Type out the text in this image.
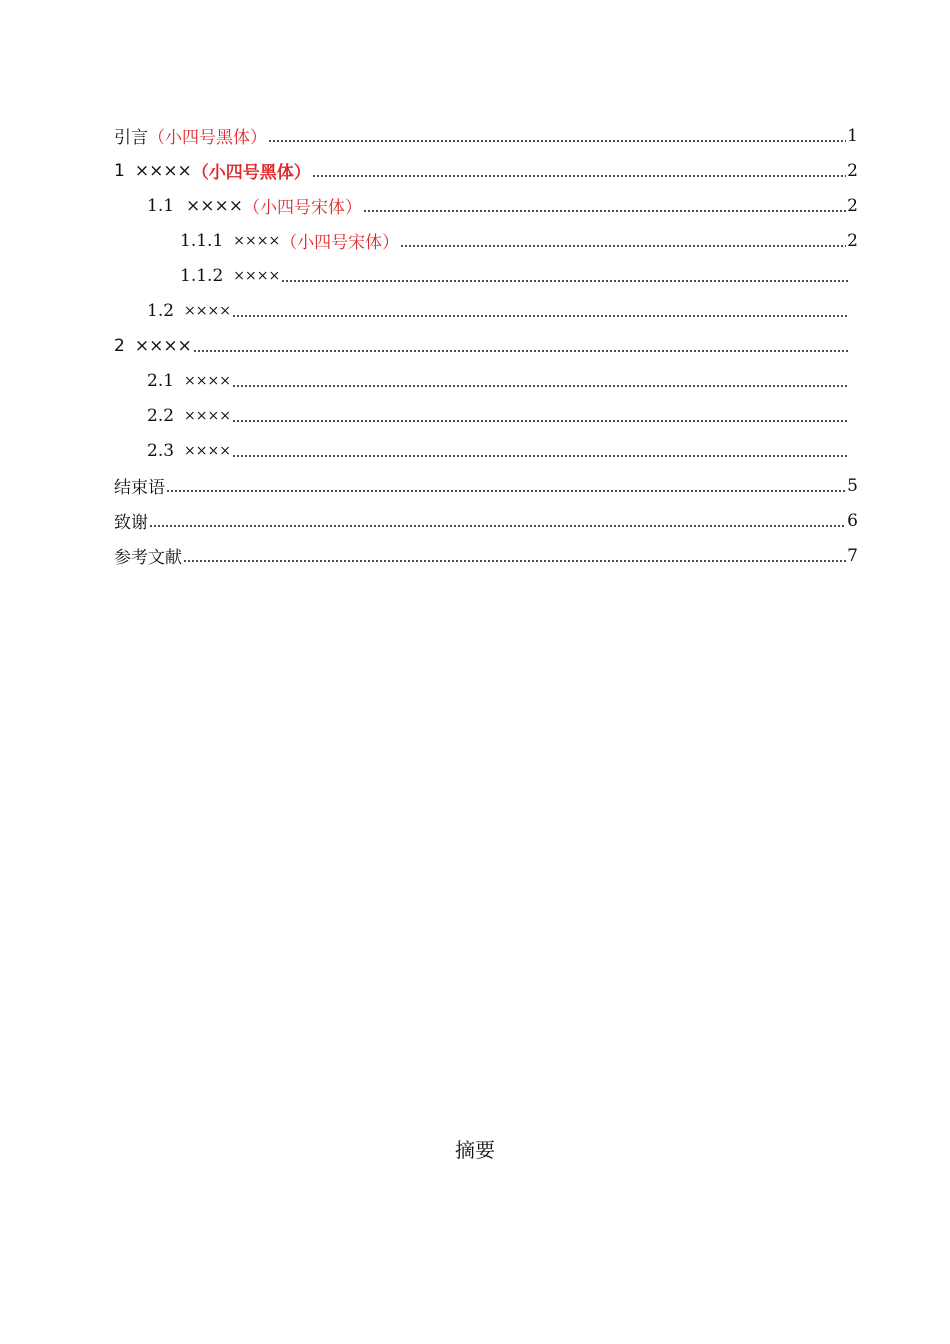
引言 （小四号黑体）	1
1 ×××× （小四号黑体）	2
1.1 ×××× （小四号宋体）	2
1.1.1 ×××× （小四号宋体）	2
1.1.2 ××××
1.2 ××××
2 ××××
2.1 ××××
2.2 ××××
2.3 ××××
结束语	5
致谢	6
参考文献	7
摘要
